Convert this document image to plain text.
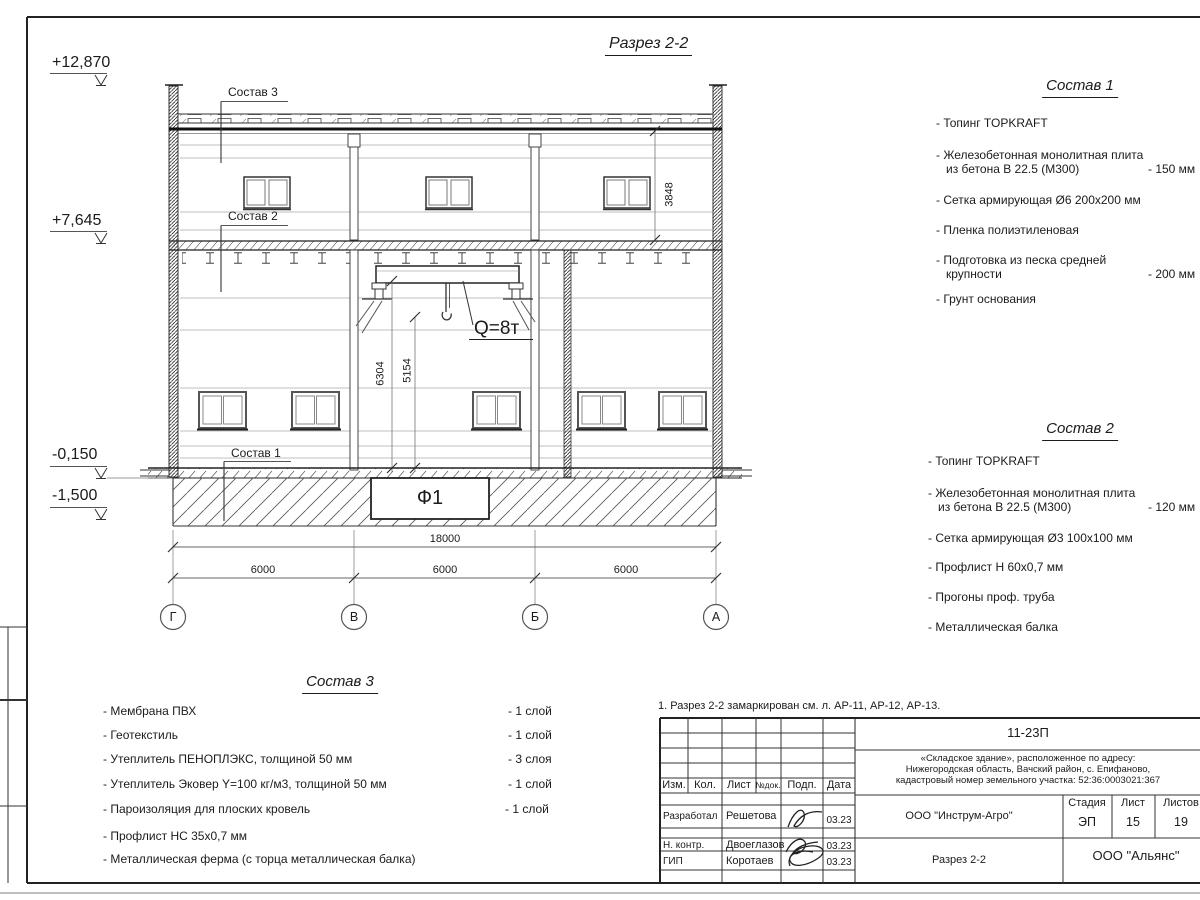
Разрез 2-2
+12,870
+7,645
-0,150
-1,500
Состав 3
Состав 2
Состав 1
Q=8т
3848
6304 5154
Ф1
18000
6000	6000	6000
Г	В	Б	А
Состав 1
- Топинг TOPKRAFT
- Железобетонная монолитная плита
из бетона В 22.5 (М300)	- 150 мм
- Сетка армирующая Ø6 200х200 мм
- Пленка полиэтиленовая
- Подготовка из песка средней
крупности	- 200 мм
- Грунт основания
Состав 2
- Топинг TOPKRAFT
- Железобетонная монолитная плита
из бетона В 22.5 (М300)	- 120 мм
- Сетка армирующая Ø3 100х100 мм
- Профлист Н 60х0,7 мм
- Прогоны проф. труба
- Металлическая балка
Состав 3
- Мембрана ПВХ	- 1 слой
- Геотекстиль	- 1 слой
- Утеплитель ПЕНОПЛЭКС, толщиной 50 мм	- 3 слоя
- Утеплитель Эковер Y=100 кг/м3, толщиной 50 мм	- 1 слой
- Пароизоляция для плоских кровель	- 1 слой
- Профлист НС 35х0,7 мм
- Металлическая ферма (с торца металлическая балка)
1. Разрез 2-2 замаркирован см. л. АР-11, АР-12, АР-13.
11-23П
«Складское здание», расположенное по адресу:
Нижегородская область, Вачский район, с. Епифаново,
кадастровый номер земельного участка: 52:36:0003021:367
Изм. Кол. Лист №док. Подп. Дата
Разработал Решетова	03.23
Н. контр. Двоеглазов	03.23
ГИП	Коротаев	03.23
ООО "Инструм-Агро"
Разрез 2-2
Стадия Лист Листов
ЭП 15	19
ООО "Альянс"
